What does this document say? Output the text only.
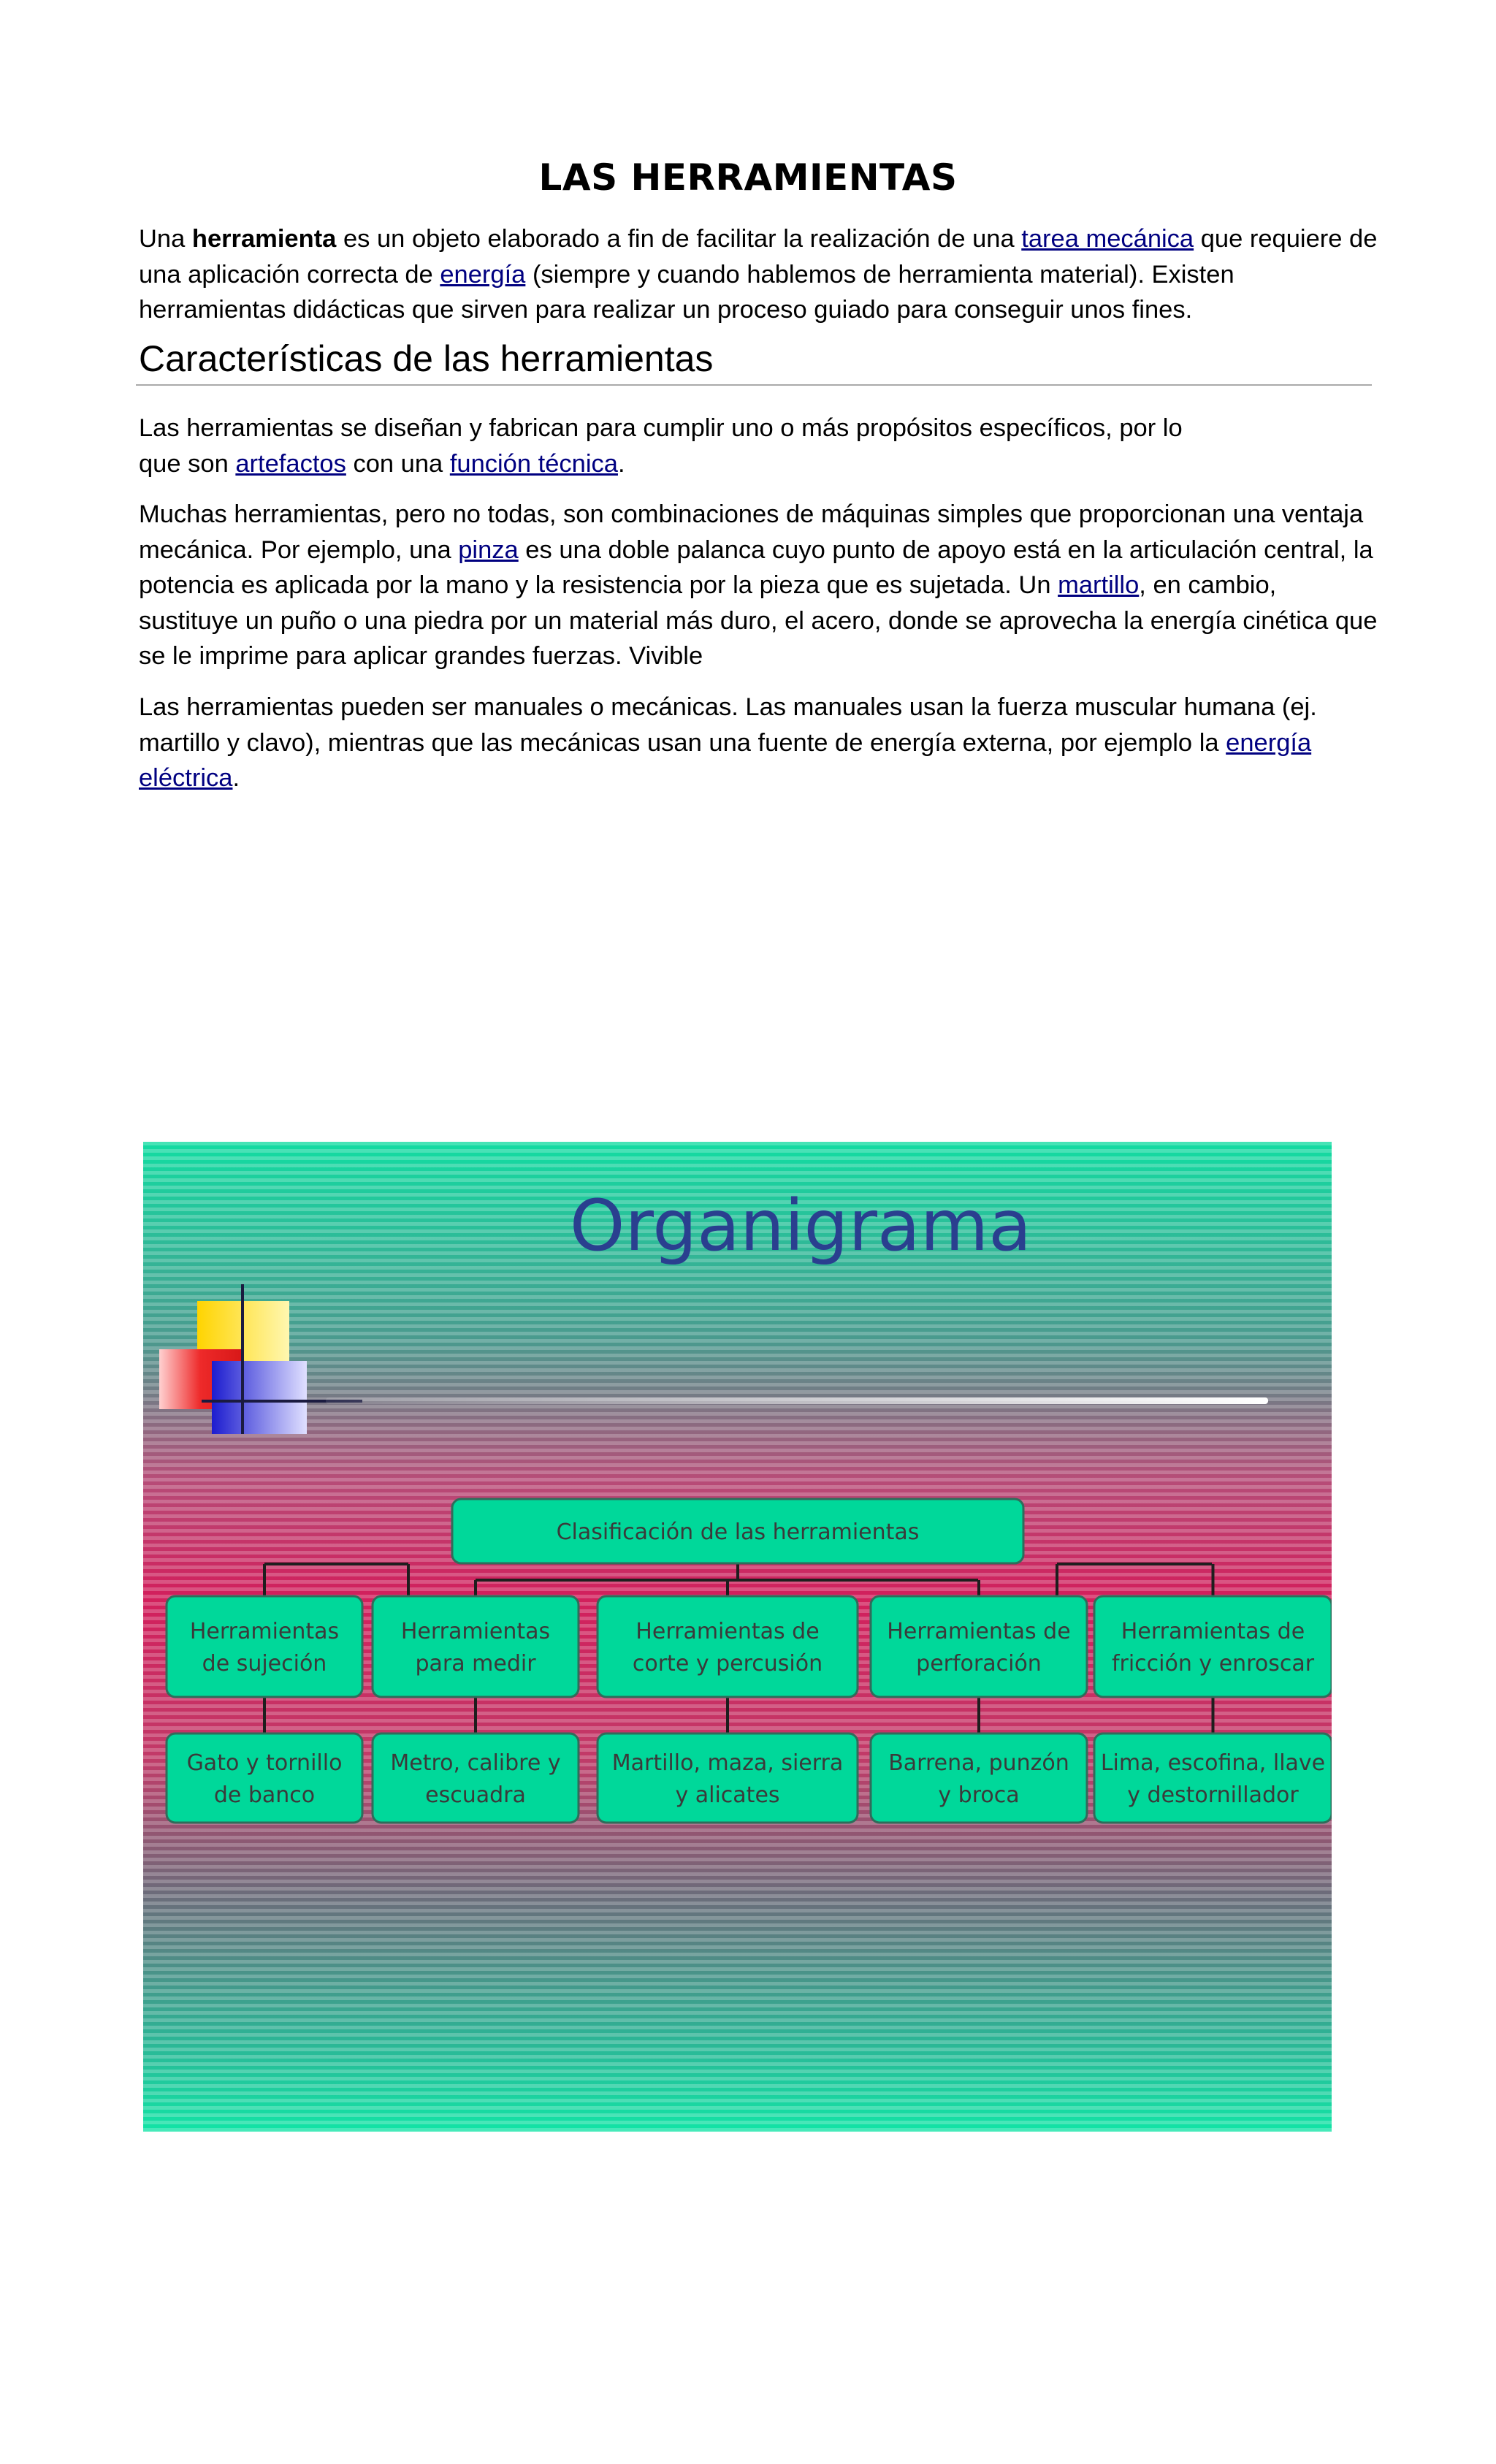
LAS HERRAMIENTAS

Una herramienta es un objeto elaborado a fin de facilitar la realización de una tarea mecánica que requiere de una aplicación correcta de energía (siempre y cuando hablemos de herramienta material). Existen herramientas didácticas que sirven para realizar un proceso guiado para conseguir unos fines.

Características de las herramientas

Las herramientas se diseñan y fabrican para cumplir uno o más propósitos específicos, por lo que son artefactos con una función técnica.

Muchas herramientas, pero no todas, son combinaciones de máquinas simples que proporcionan una ventaja mecánica. Por ejemplo, una pinza es una doble palanca cuyo punto de apoyo está en la articulación central, la potencia es aplicada por la mano y la resistencia por la pieza que es sujetada. Un martillo, en cambio, sustituye un puño o una piedra por un material más duro, el acero, donde se aprovecha la energía cinética que se le imprime para aplicar grandes fuerzas. Vivible

Las herramientas pueden ser manuales o mecánicas. Las manuales usan la fuerza muscular humana (ej. martillo y clavo), mientras que las mecánicas usan una fuente de energía externa, por ejemplo la energía eléctrica.

Organigrama
Clasificación de las herramientas
Herramientas
de sujeción
Herramientas
para medir
Herramientas de
corte y percusión
Herramientas de
perforación
Herramientas de
fricción y enroscar
Gato y tornillo
de banco
Metro, calibre y
escuadra
Martillo, maza, sierra
y alicates
Barrena, punzón
y broca
Lima, escofina, llave
y destornillador
